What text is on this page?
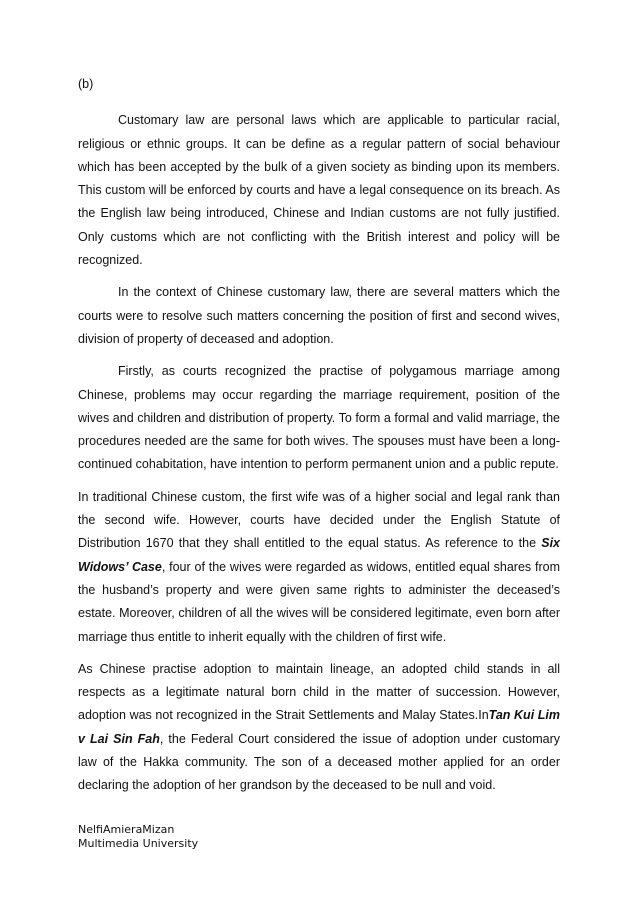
(b)

Customary law are personal laws which are applicable to particular racial, religious or ethnic groups. It can be define as a regular pattern of social behaviour which has been accepted by the bulk of a given society as binding upon its members. This custom will be enforced by courts and have a legal consequence on its breach. As the English law being introduced, Chinese and Indian customs are not fully justified. Only customs which are not conflicting with the British interest and policy will be recognized.

In the context of Chinese customary law, there are several matters which the courts were to resolve such matters concerning the position of first and second wives, division of property of deceased and adoption.

Firstly, as courts recognized the practise of polygamous marriage among Chinese, problems may occur regarding the marriage requirement, position of the wives and children and distribution of property. To form a formal and valid marriage, the procedures needed are the same for both wives. The spouses must have been a long-continued cohabitation, have intention to perform permanent union and a public repute.

In traditional Chinese custom, the first wife was of a higher social and legal rank than the second wife. However, courts have decided under the English Statute of Distribution 1670 that they shall entitled to the equal status. As reference to the Six Widows’ Case, four of the wives were regarded as widows, entitled equal shares from the husband’s property and were given same rights to administer the deceased’s estate. Moreover, children of all the wives will be considered legitimate, even born after marriage thus entitle to inherit equally with the children of first wife.

As Chinese practise adoption to maintain lineage, an adopted child stands in all respects as a legitimate natural born child in the matter of succession. However, adoption was not recognized in the Strait Settlements and Malay States.InTan Kui Lim v Lai Sin Fah, the Federal Court considered the issue of adoption under customary law of the Hakka community. The son of a deceased mother applied for an order declaring the adoption of her grandson by the deceased to be null and void.

NelfiAmieraMizan
Multimedia University
